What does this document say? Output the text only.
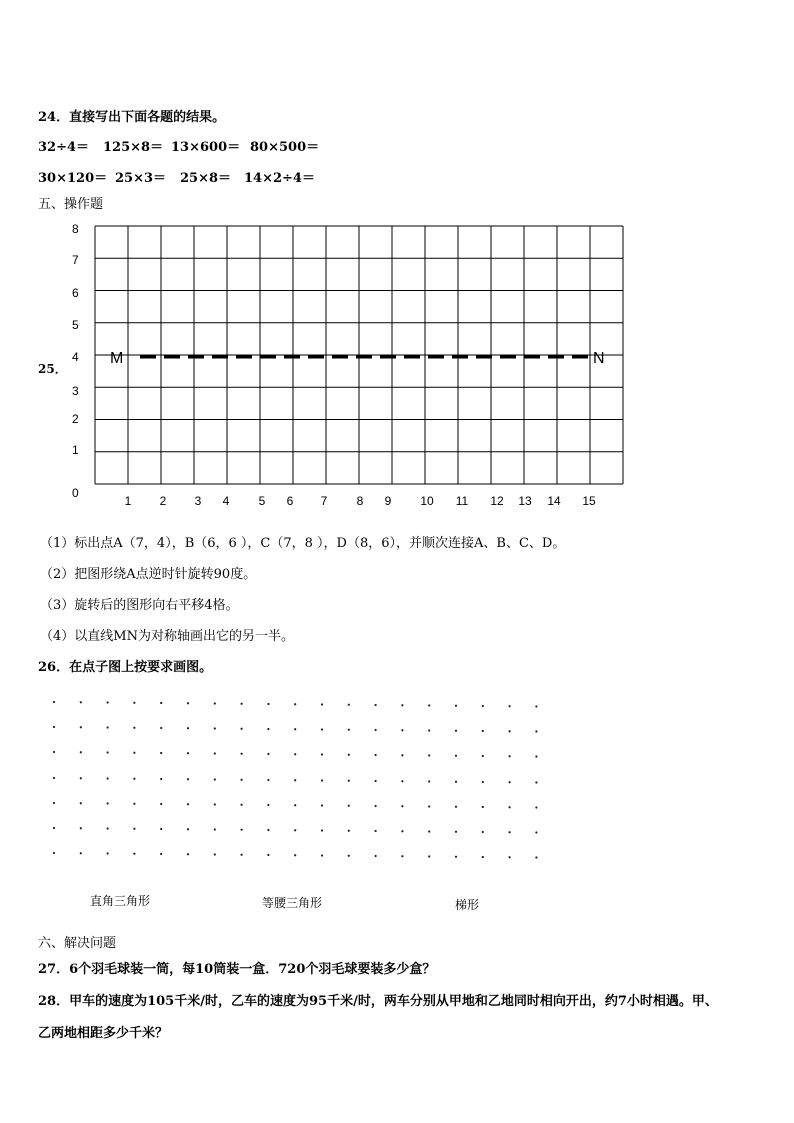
24．直接写出下面各题的结果。
32÷4＝ 125×8＝ 13×600＝ 80×500＝
30×120＝ 25×3＝ 25×8＝ 14×2÷4＝
五、操作题
25．
8
7
6
5
4
3
2
1
0
1 2 3 4 5 6 7 8 9 10 11 12 13 14 15
M	N
（1）标出点A（7，4），B（6，6 ），C（7，8 ），D（8，6），并顺次连接A、B、C、D。
（2）把图形绕A点逆时针旋转90度。
（3）旋转后的图形向右平移4格。
（4）以直线MN为对称轴画出它的另一半。
26．在点子图上按要求画图。
直角三角形	等腰三角形	梯形
六、解决问题
27．6个羽毛球装一筒，每10筒装一盒．720个羽毛球要装多少盒？
28．甲车的速度为105千米/时，乙车的速度为95千米/时，两车分别从甲地和乙地同时相向开出，约7小时相遇。甲、
乙两地相距多少千米？
